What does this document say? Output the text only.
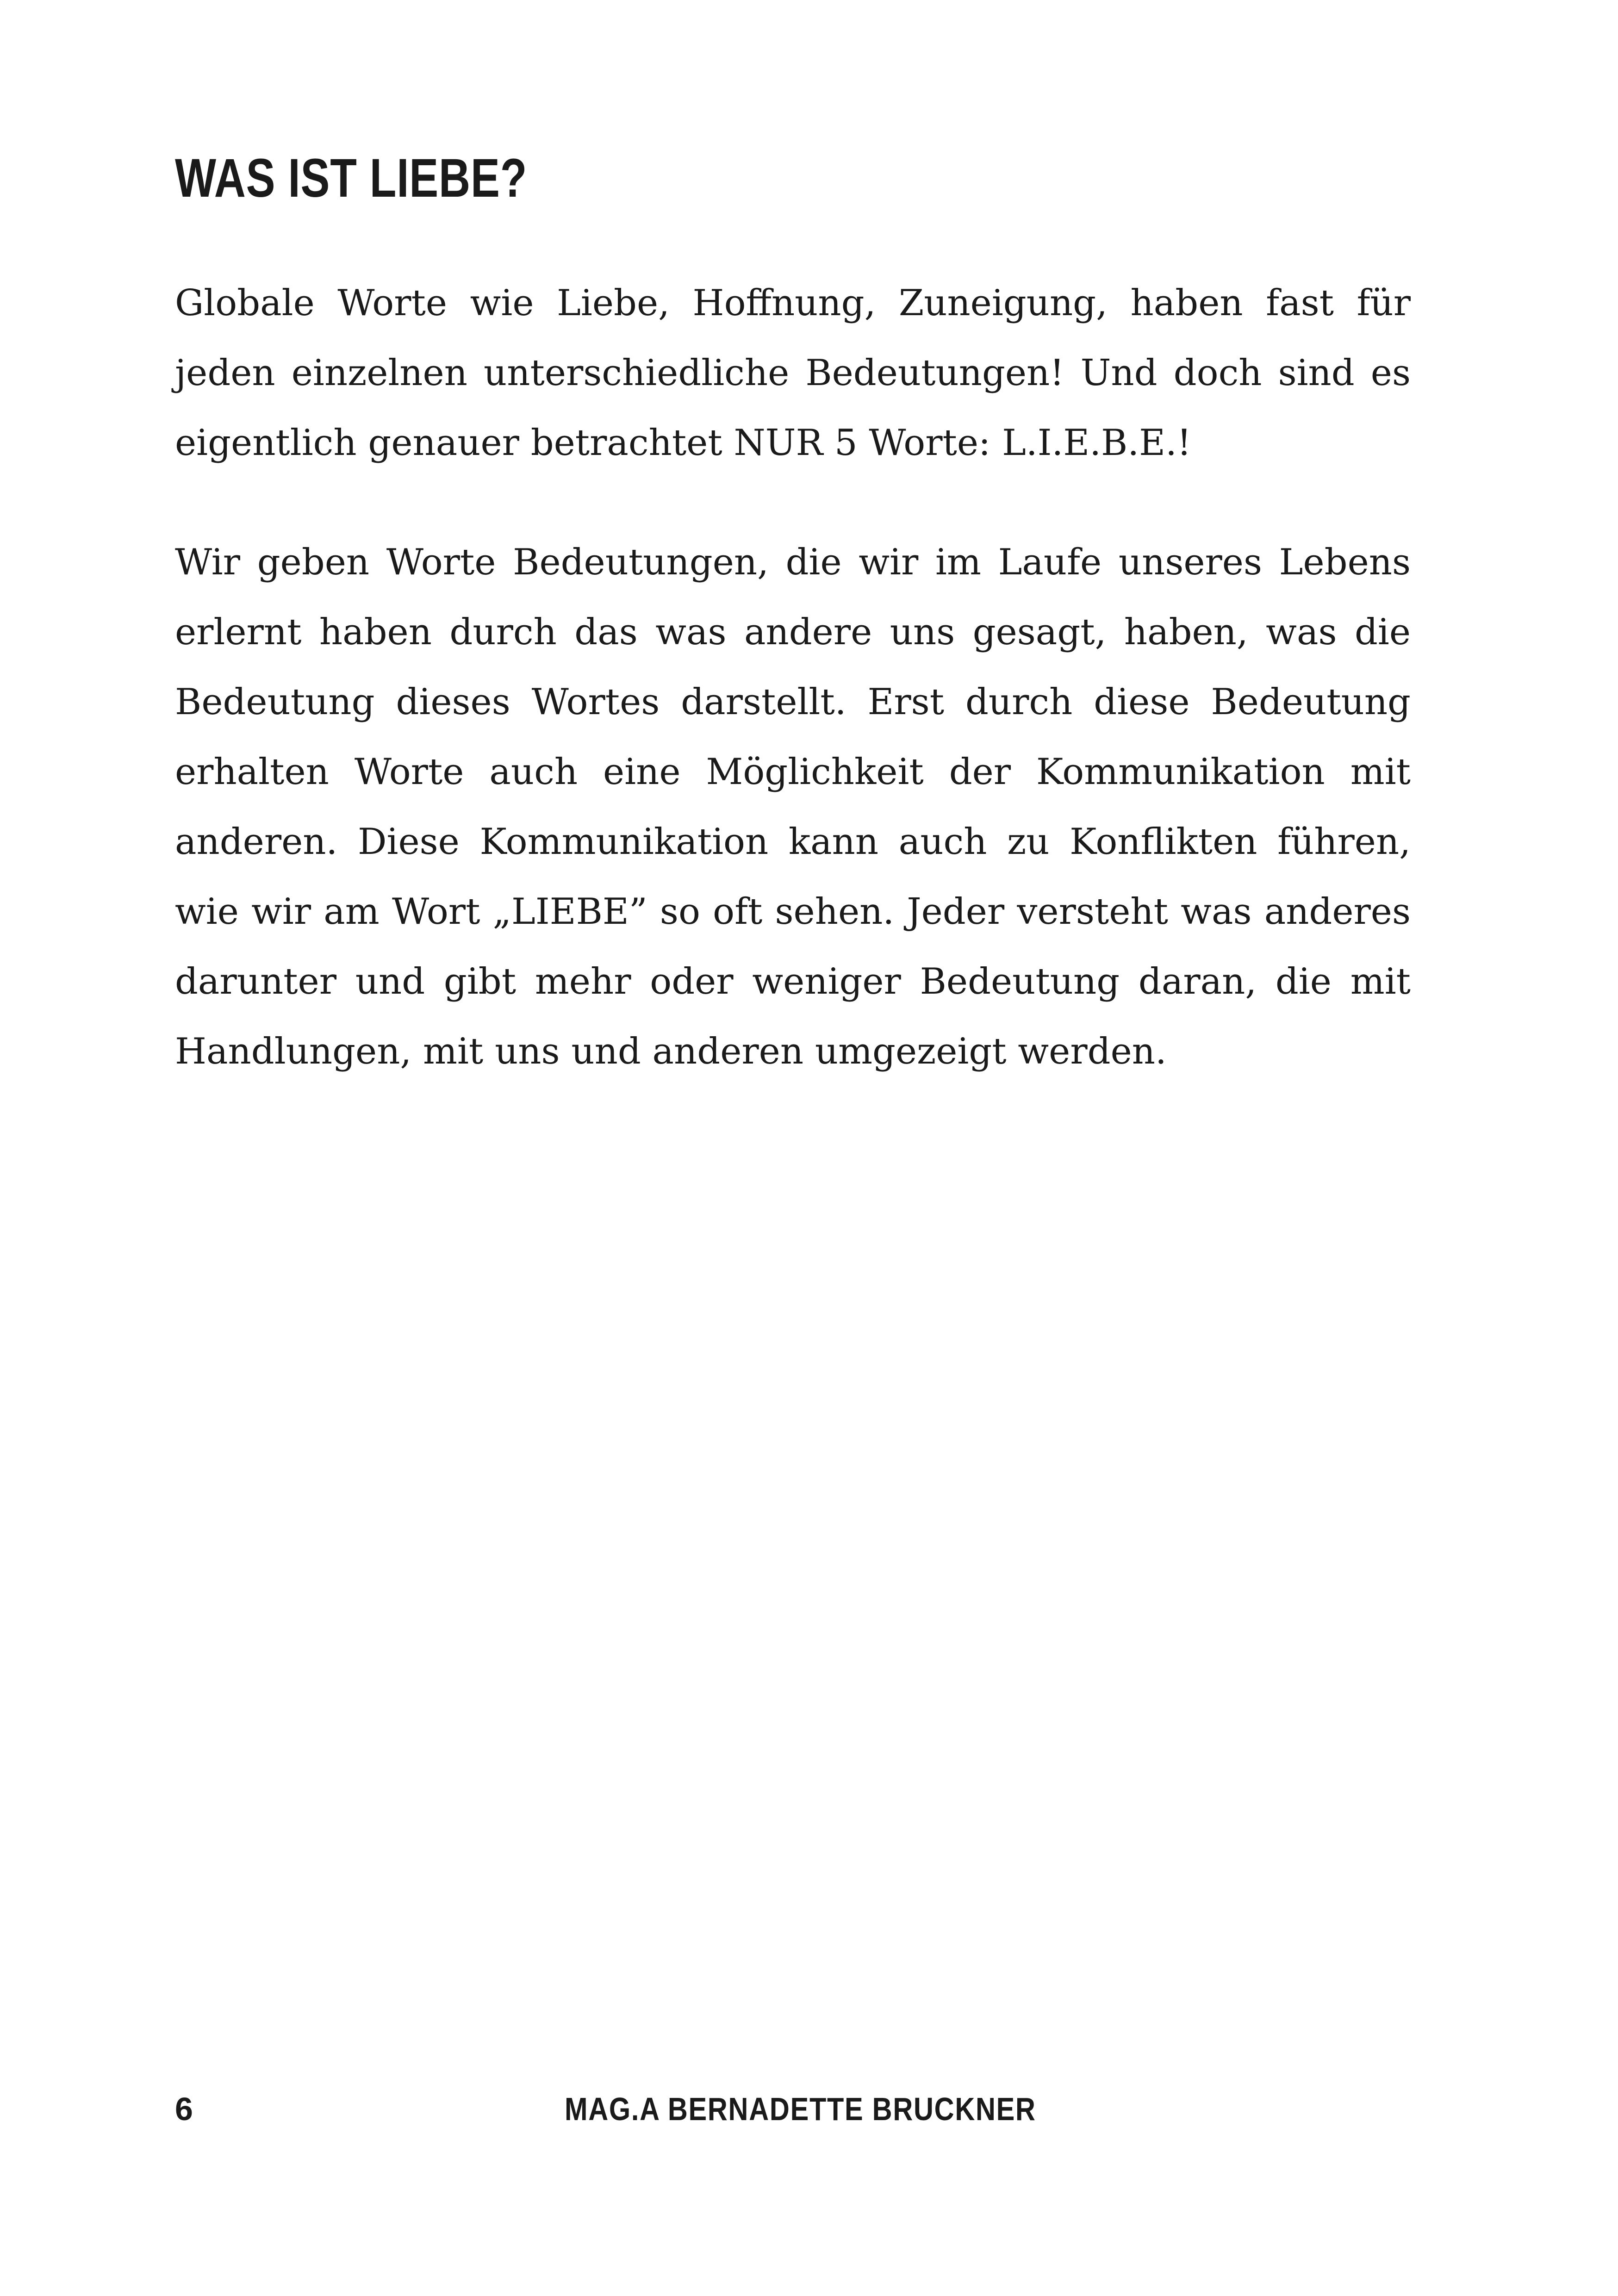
WAS IST LIEBE?

Globale Worte wie Liebe, Hoffnung, Zuneigung, haben fast für jeden einzelnen unterschiedliche Bedeutungen! Und doch sind es eigentlich genauer betrachtet NUR 5 Worte: L.I.E.B.E.!

Wir geben Worte Bedeutungen, die wir im Laufe unseres Lebens erlernt haben durch das was andere uns gesagt, haben, was die Bedeutung dieses Wortes darstellt. Erst durch diese Bedeutung erhalten Worte auch eine Möglichkeit der Kommunikation mit anderen. Diese Kommunikation kann auch zu Konflikten führen, wie wir am Wort „LIEBE” so oft sehen. Jeder versteht was anderes darunter und gibt mehr oder weniger Bedeutung daran, die mit Handlungen, mit uns und anderen umgezeigt werden.

6	MAG.A BERNADETTE BRUCKNER
